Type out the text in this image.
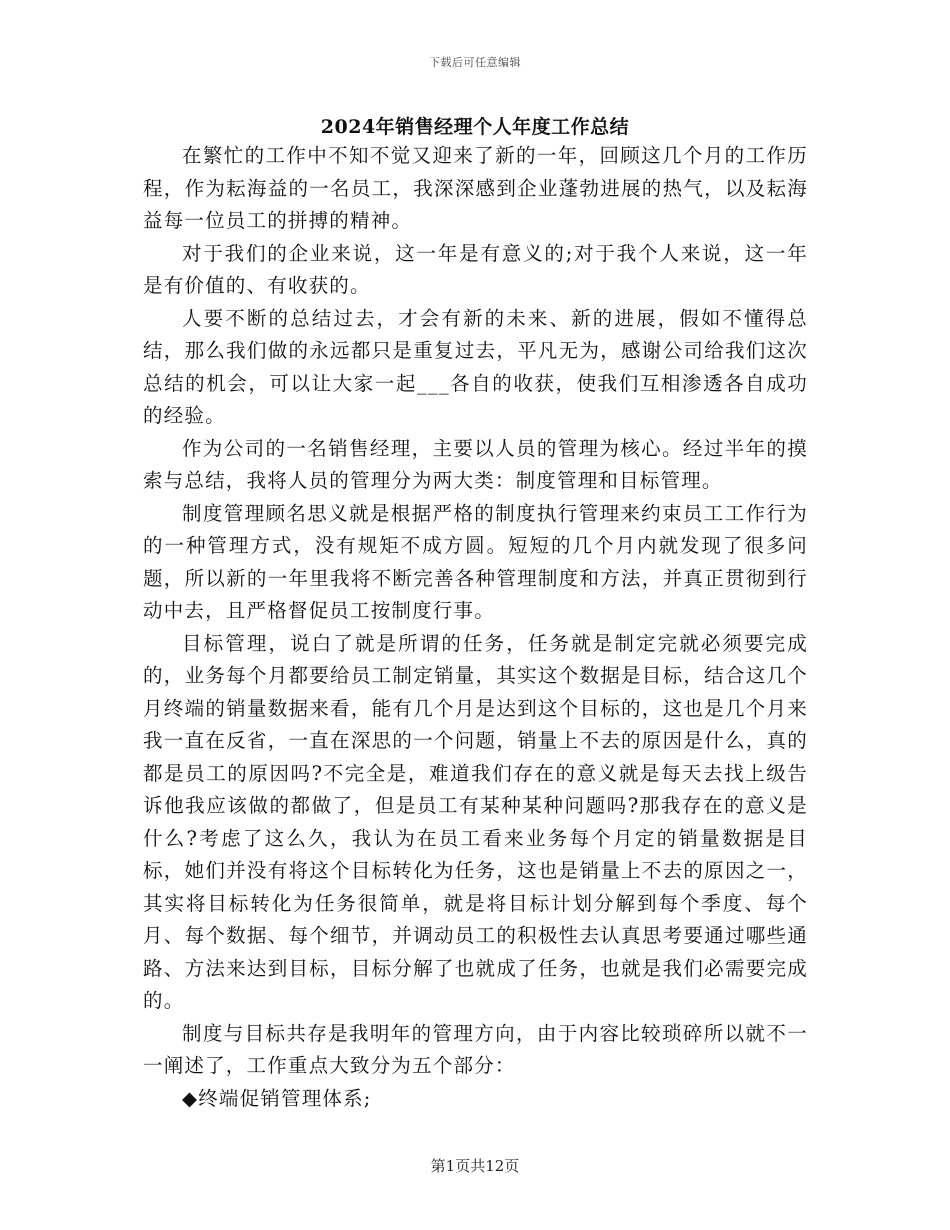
下载后可任意编辑
2024年销售经理个人年度工作总结

在繁忙的工作中不知不觉又迎来了新的一年，回顾这几个月的工作历程，作为耘海益的一名员工，我深深感到企业蓬勃进展的热气，以及耘海益每一位员工的拼搏的精神。

对于我们的企业来说，这一年是有意义的;对于我个人来说，这一年是有价值的、有收获的。

人要不断的总结过去，才会有新的未来、新的进展，假如不懂得总结，那么我们做的永远都只是重复过去，平凡无为，感谢公司给我们这次总结的机会，可以让大家一起___各自的收获，使我们互相渗透各自成功的经验。

作为公司的一名销售经理，主要以人员的管理为核心。经过半年的摸索与总结，我将人员的管理分为两大类：制度管理和目标管理。

制度管理顾名思义就是根据严格的制度执行管理来约束员工工作行为的一种管理方式，没有规矩不成方圆。短短的几个月内就发现了很多问题，所以新的一年里我将不断完善各种管理制度和方法，并真正贯彻到行动中去，且严格督促员工按制度行事。

目标管理，说白了就是所谓的任务，任务就是制定完就必须要完成的，业务每个月都要给员工制定销量，其实这个数据是目标，结合这几个月终端的销量数据来看，能有几个月是达到这个目标的，这也是几个月来我一直在反省，一直在深思的一个问题，销量上不去的原因是什么，真的都是员工的原因吗?不完全是，难道我们存在的意义就是每天去找上级告诉他我应该做的都做了，但是员工有某种某种问题吗?那我存在的意义是什么?考虑了这么久，我认为在员工看来业务每个月定的销量数据是目标，她们并没有将这个目标转化为任务，这也是销量上不去的原因之一，其实将目标转化为任务很简单，就是将目标计划分解到每个季度、每个月、每个数据、每个细节，并调动员工的积极性去认真思考要通过哪些通路、方法来达到目标，目标分解了也就成了任务，也就是我们必需要完成的。

制度与目标共存是我明年的管理方向，由于内容比较琐碎所以就不一一阐述了，工作重点大致分为五个部分：

◆终端促销管理体系;

第1页共12页
